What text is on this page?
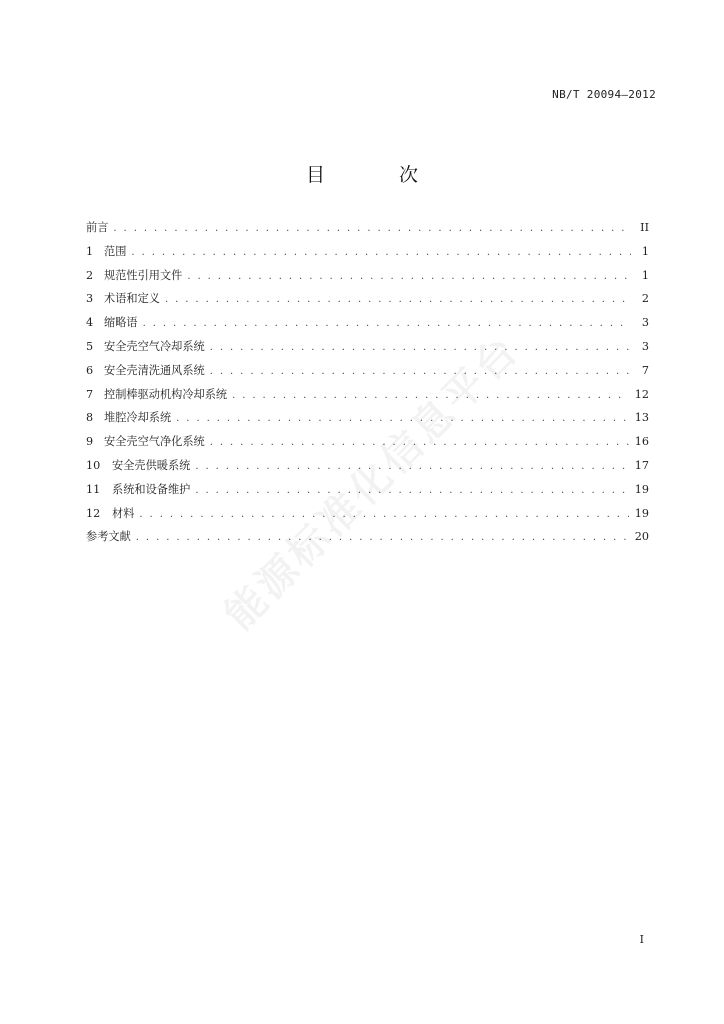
NB/T 20094—2012
目 次
能源标准化信息平台
前言 . . .	II
1 范围 . . .	1
2 规范性引用文件 . . .	1
3 术语和定义 . . .	2
4 缩略语 . . .	3
5 安全壳空气冷却系统 . . .	3
6 安全壳清洗通风系统 . . .	7
7 控制棒驱动机构冷却系统 . . .	12
8 堆腔冷却系统 . . .	13
9 安全壳空气净化系统 . . .	16
10	安全壳供暖系统 . . .	17
11	系统和设备维护 . . .	19
12	材料 . . .	19
参考文献 . . .	20
I
